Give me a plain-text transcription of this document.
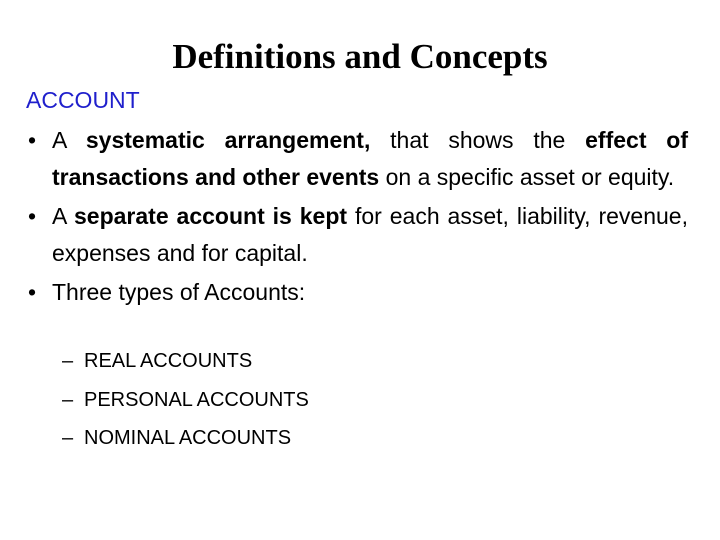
Definitions and Concepts
ACCOUNT
• A systematic arrangement, that shows the effect of transactions and other events on a specific asset or equity.
• A separate account is kept for each asset, liability, revenue, expenses and for capital.
• Three types of Accounts:
– REAL ACCOUNTS
– PERSONAL ACCOUNTS
– NOMINAL ACCOUNTS
